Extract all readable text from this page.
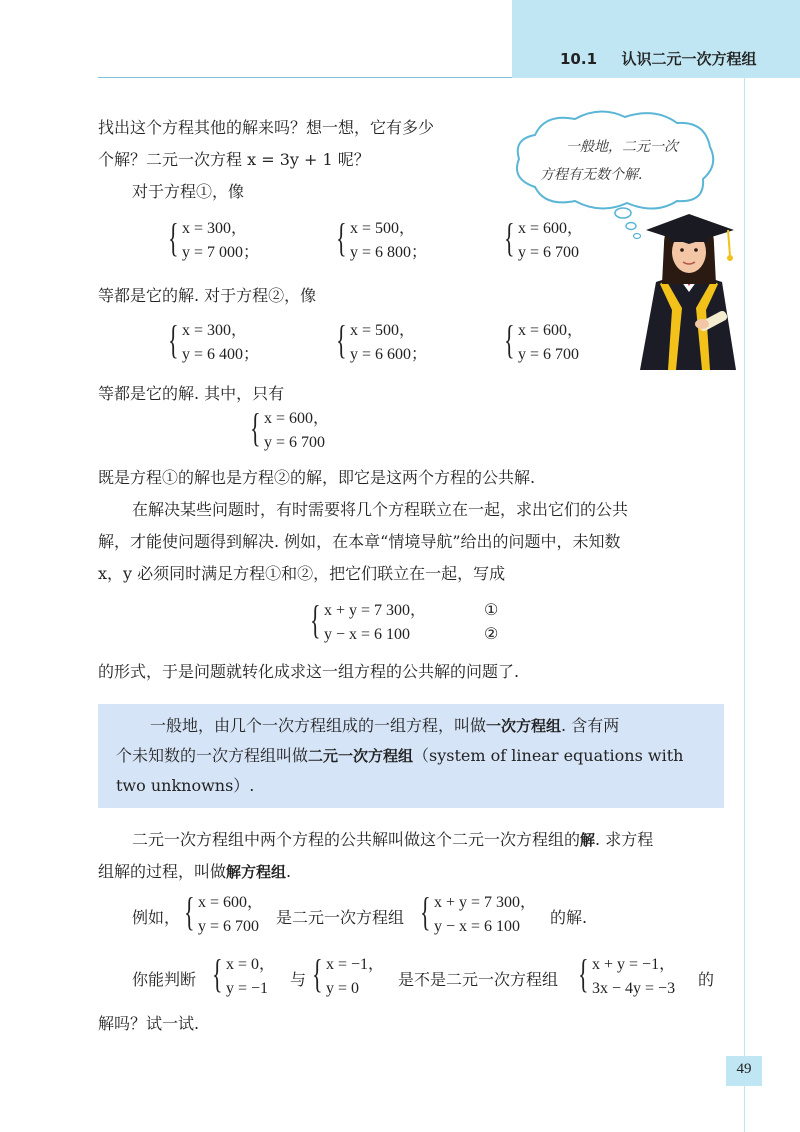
10.1 认识二元一次方程组
一般地，二元一次
方程有无数个解.
找出这个方程其他的解来吗？想一想，它有多少
个解？二元一次方程 x = 3y + 1 呢？
对于方程①，像
{ x = 300，
y = 7 000； { x = 500，
y = 6 800； { x = 600，
y = 6 700
等都是它的解. 对于方程②，像
{ x = 300，
y = 6 400； { x = 500，
y = 6 600； { x = 600，
y = 6 700
等都是它的解. 其中，只有
{ x = 600，
y = 6 700
既是方程①的解也是方程②的解，即它是这两个方程的公共解.
在解决某些问题时，有时需要将几个方程联立在一起，求出它们的公共
解，才能使问题得到解决. 例如，在本章“情境导航”给出的问题中，未知数
x，y 必须同时满足方程①和②，把它们联立在一起，写成
{ x + y = 7 300，
y − x = 6 100
①
②
的形式，于是问题就转化成求这一组方程的公共解的问题了.
一般地，由几个一次方程组成的一组方程，叫做一次方程组. 含有两
个未知数的一次方程组叫做二元一次方程组（system of linear equations with
two unknowns）.
二元一次方程组中两个方程的公共解叫做这个二元一次方程组的解. 求方程
组解的过程，叫做解方程组.
例如， { x = 600，
y = 6 700 是二元一次方程组 { x + y = 7 300，
y − x = 6 100 的解.
你能判断 { x = 0，
y = −1 与 { x = −1，
y = 0 是不是二元一次方程组 { x + y = −1，
3x − 4y = −3 的
解吗？试一试.
49
